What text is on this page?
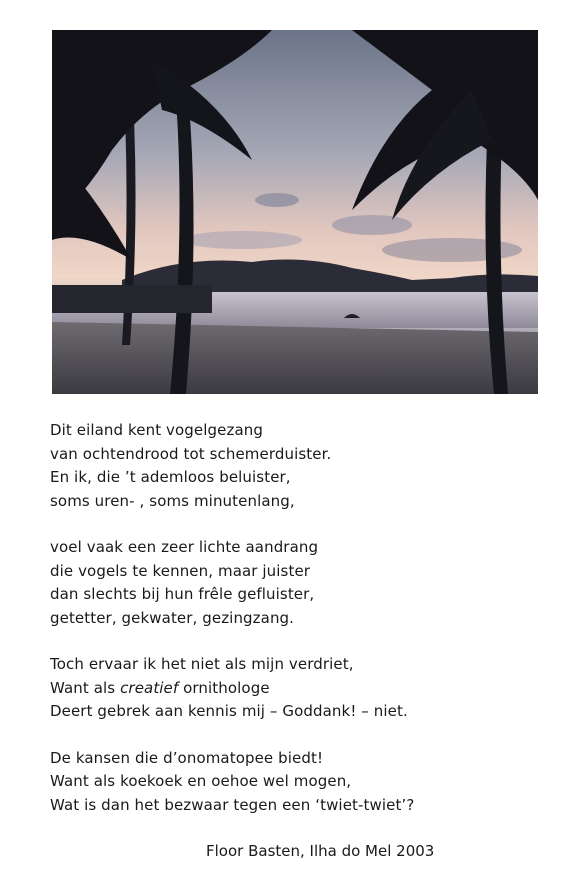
Dit eiland kent vogelgezang
van ochtendrood tot schemerduister.
En ik, die ’t ademloos beluister,
soms uren- , soms minutenlang,
voel vaak een zeer lichte aandrang
die vogels te kennen, maar juister
dan slechts bij hun frêle gefluister,
getetter, gekwater, gezingzang.
Toch ervaar ik het niet als mijn verdriet,
Want als creatief ornithologe
Deert gebrek aan kennis mij – Goddank! – niet.
De kansen die d’onomatopee biedt!
Want als koekoek en oehoe wel mogen,
Wat is dan het bezwaar tegen een ‘twiet-twiet’?
Floor Basten, Ilha do Mel 2003
